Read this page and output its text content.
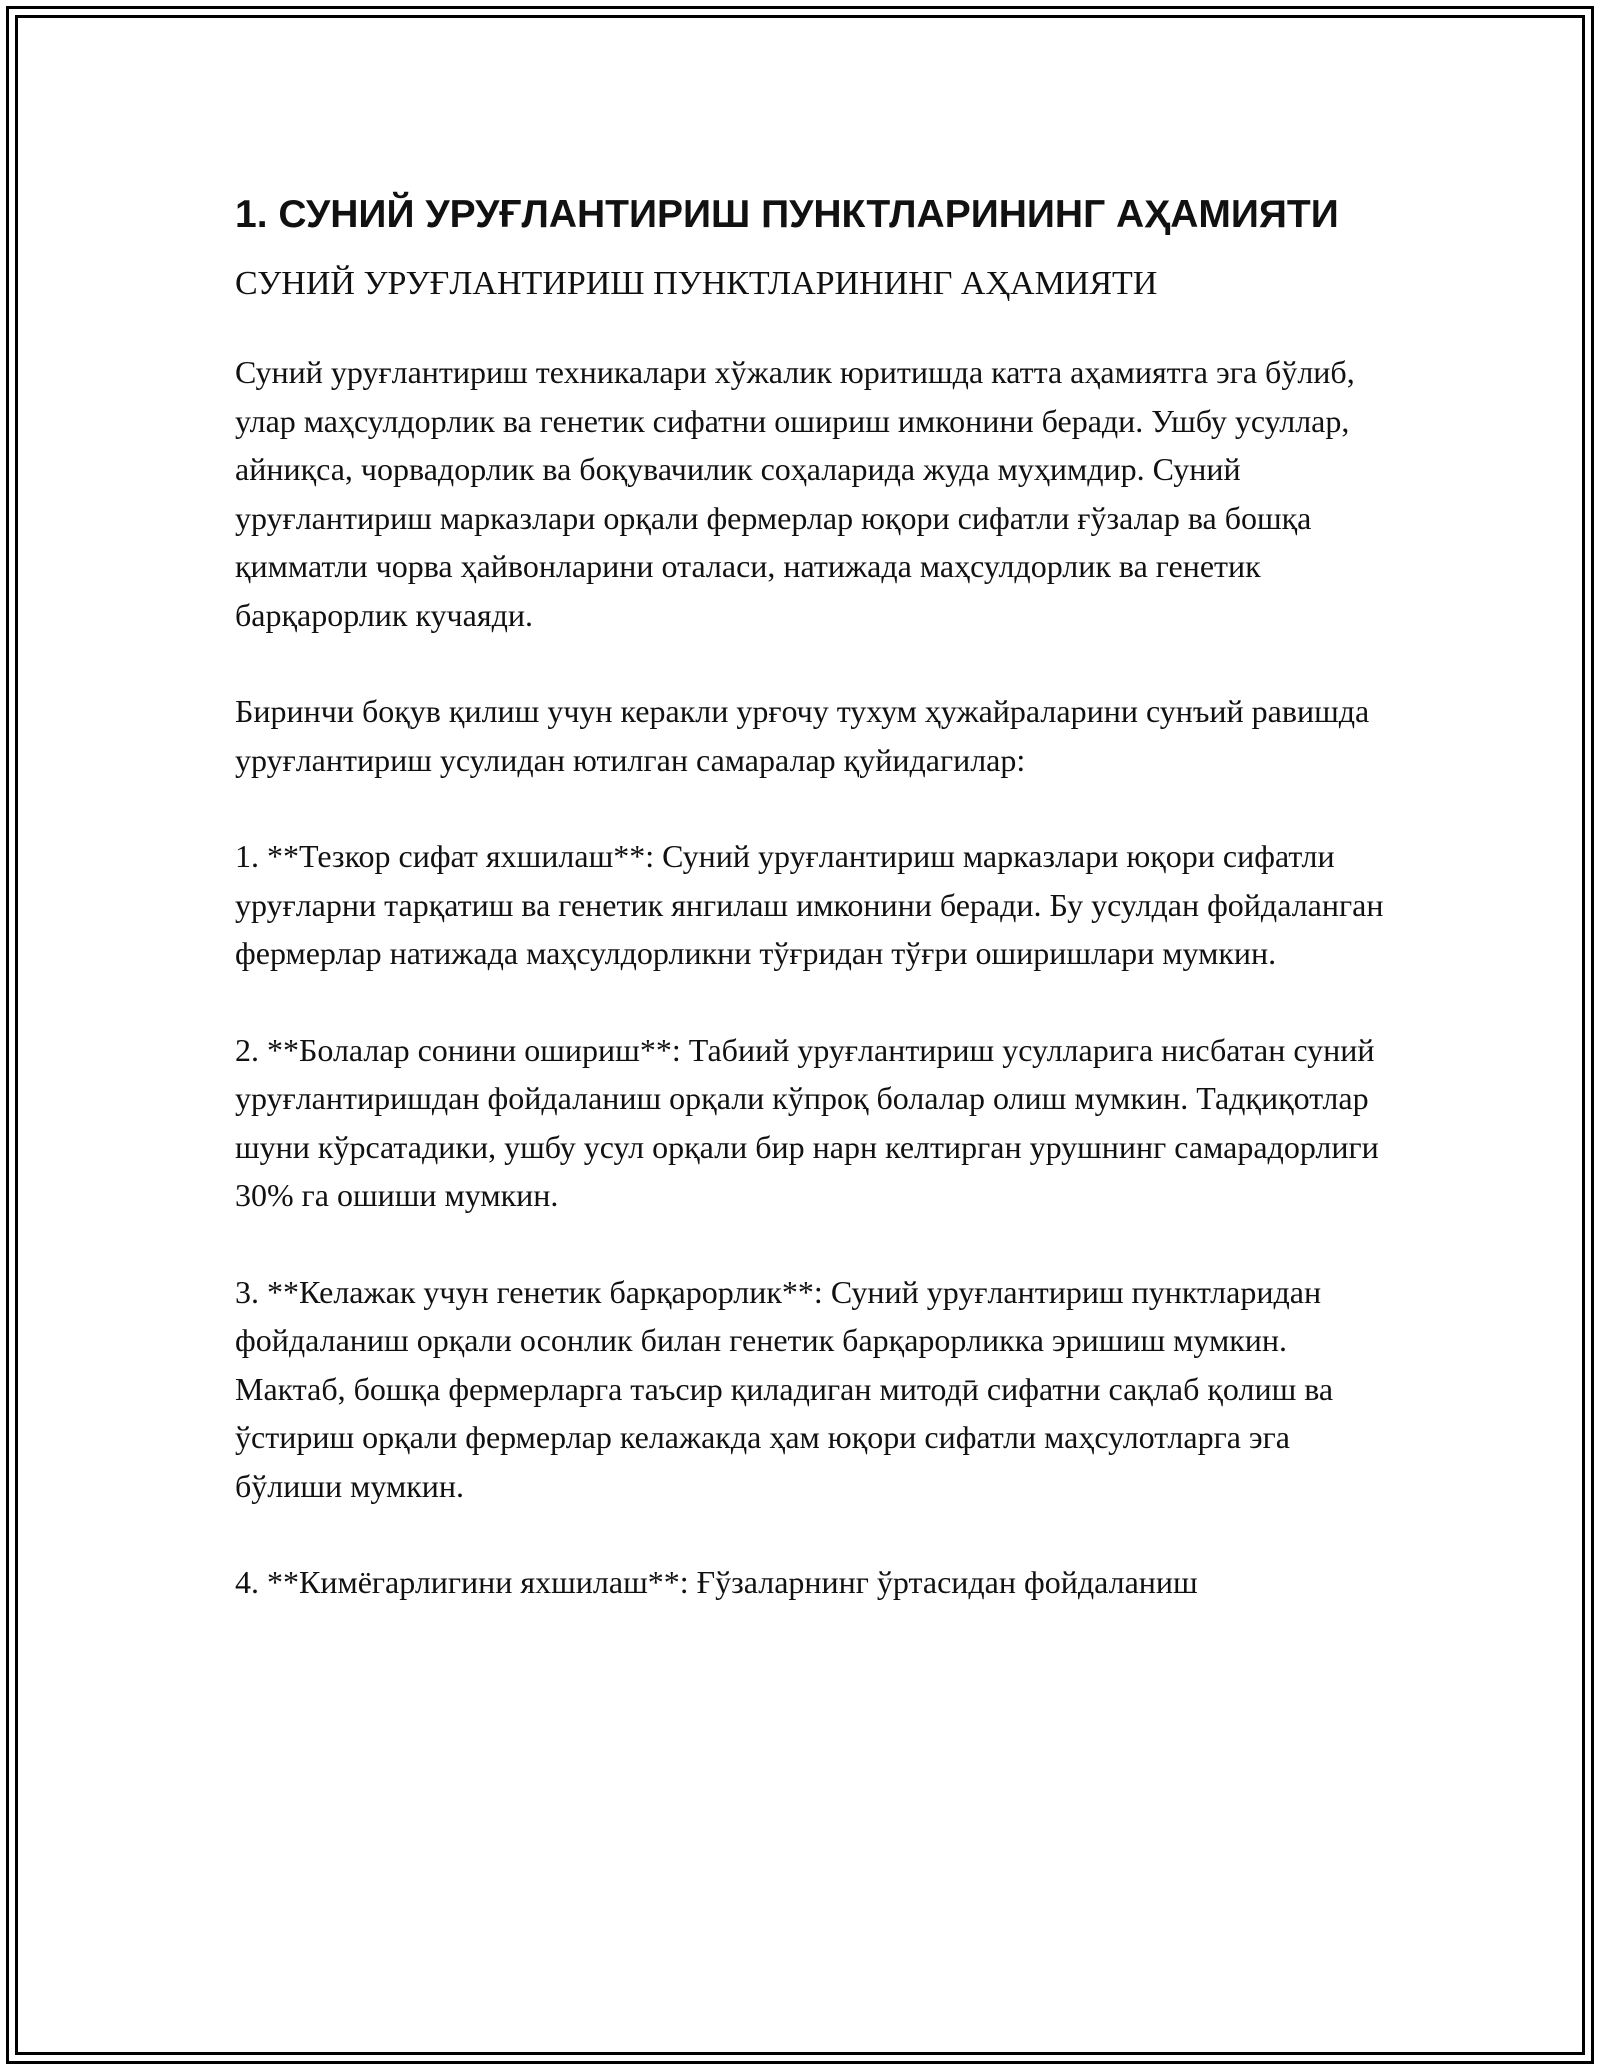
1. СУНИЙ УРУҒЛАНТИРИШ ПУНКТЛАРИНИНГ АҲАМИЯТИ
СУНИЙ УРУҒЛАНТИРИШ ПУНКТЛАРИНИНГ АҲАМИЯТИ

Суний уруғлантириш техникалари хўжалик юритишда катта аҳамиятга эга бўлиб, улар маҳсулдорлик ва генетик сифатни ошириш имконини беради. Ушбу усуллар, айниқса, чорвадорлик ва боқувачилик соҳаларида жуда муҳимдир. Суний уруғлантириш марказлари орқали фермерлар юқори сифатли ғўзалар ва бошқа қимматли чорва ҳайвонларини оталаси, натижада маҳсулдорлик ва генетик барқарорлик кучаяди.

Биринчи боқув қилиш учун керакли урғочу тухум ҳужайраларини сунъий равишда уруғлантириш усулидан ютилган самаралар қуйидагилар:

1. **Тезкор сифат яхшилаш**: Суний уруғлантириш марказлари юқори сифатли уруғларни тарқатиш ва генетик янгилаш имконини беради. Бу усулдан фойдаланган фермерлар натижада маҳсулдорликни тўғридан тўғри оширишлари мумкин.

2. **Болалар сонини ошириш**: Табиий уруғлантириш усулларига нисбатан суний уруғлантиришдан фойдаланиш орқали кўпроқ болалар олиш мумкин. Тадқиқотлар шуни кўрсатадики, ушбу усул орқали бир нарн келтирган урушнинг самарадорлиги 30% га ошиши мумкин.

3. **Келажак учун генетик барқарорлик**: Суний уруғлантириш пунктларидан фойдаланиш орқали осонлик билан генетик барқарорликка эришиш мумкин. Мактаб, бошқа фермерларга таъсир қиладиган митодӣ сифатни сақлаб қолиш ва ўстириш орқали фермерлар келажакда ҳам юқори сифатли маҳсулотларга эга бўлиши мумкин.

4. **Кимёгарлигини яхшилаш**: Ғўзаларнинг ўртасидан фойдаланиш
